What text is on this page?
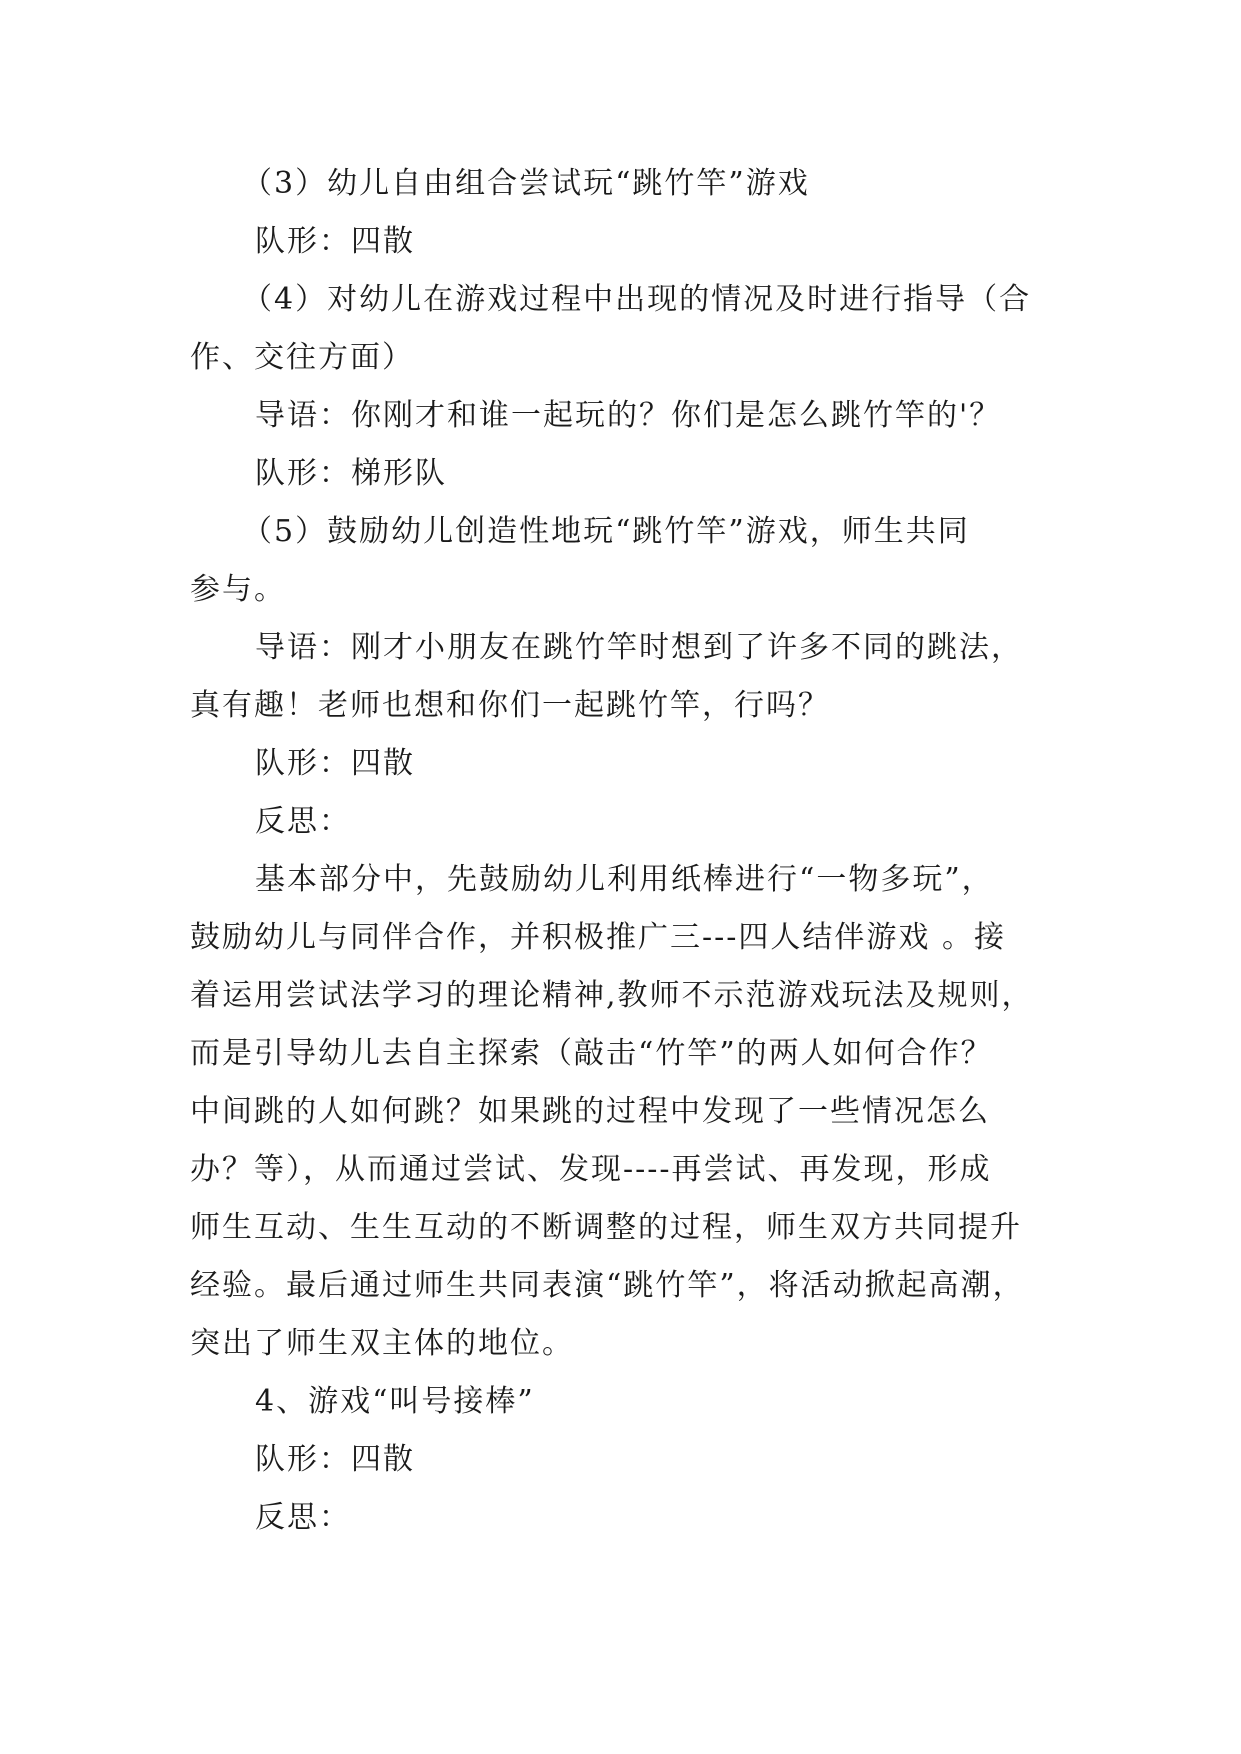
（3）幼儿自由组合尝试玩“跳竹竿”游戏

队形：四散

（4）对幼儿在游戏过程中出现的情况及时进行指导（合

作、交往方面）

导语：你刚才和谁一起玩的？你们是怎么跳竹竿的'？

队形：梯形队

（5）鼓励幼儿创造性地玩“跳竹竿”游戏，师生共同

参与。

导语：刚才小朋友在跳竹竿时想到了许多不同的跳法，

真有趣！老师也想和你们一起跳竹竿，行吗？

队形：四散

反思：

基本部分中，先鼓励幼儿利用纸棒进行“一物多玩”，

鼓励幼儿与同伴合作，并积极推广三---四人结伴游戏 。接

着运用尝试法学习的理论精神,教师不示范游戏玩法及规则，

而是引导幼儿去自主探索（敲击“竹竿”的两人如何合作？

中间跳的人如何跳？如果跳的过程中发现了一些情况怎么

办？等），从而通过尝试、发现----再尝试、再发现，形成

师生互动、生生互动的不断调整的过程，师生双方共同提升

经验。最后通过师生共同表演“跳竹竿”，将活动掀起高潮，

突出了师生双主体的地位。

4、游戏“叫号接棒”

队形：四散

反思：
